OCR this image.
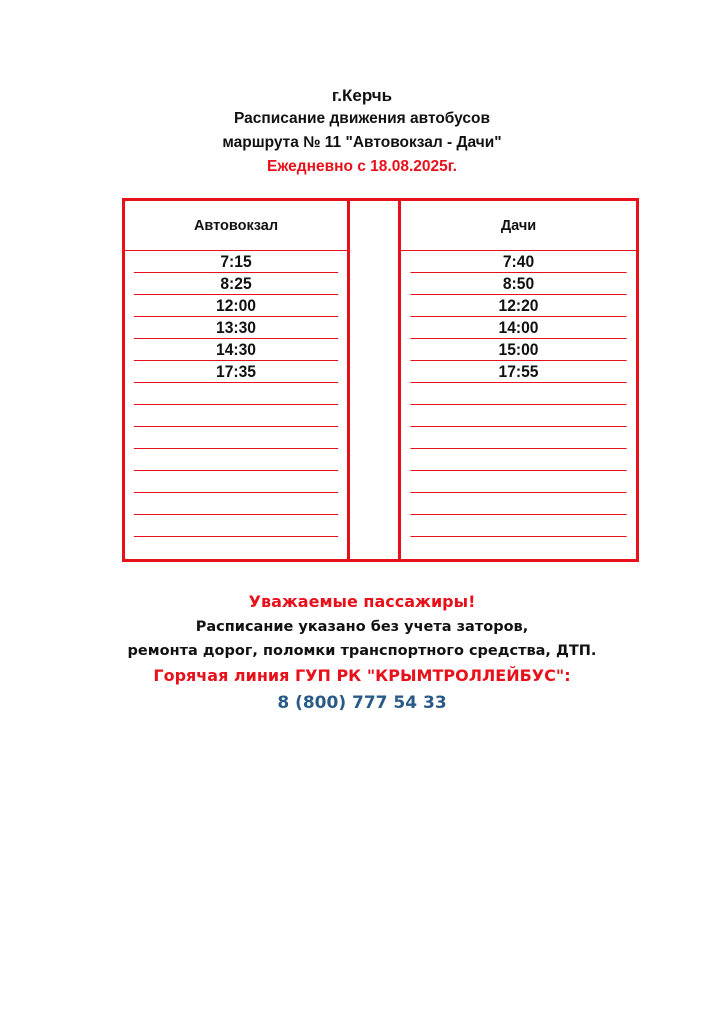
г.Керчь
Расписание движения автобусов
маршрута № 11 "Автовокзал - Дачи"
Ежедневно с 18.08.2025г.
Автовокзал
7:15
8:25
12:00
13:30
14:30
17:35
Дачи
7:40
8:50
12:20
14:00
15:00
17:55
Уважаемые пассажиры!
Расписание указано без учета заторов,
ремонта дорог, поломки транспортного средства, ДТП.
Горячая линия ГУП РК "КРЫМТРОЛЛЕЙБУС":
8 (800) 777 54 33
